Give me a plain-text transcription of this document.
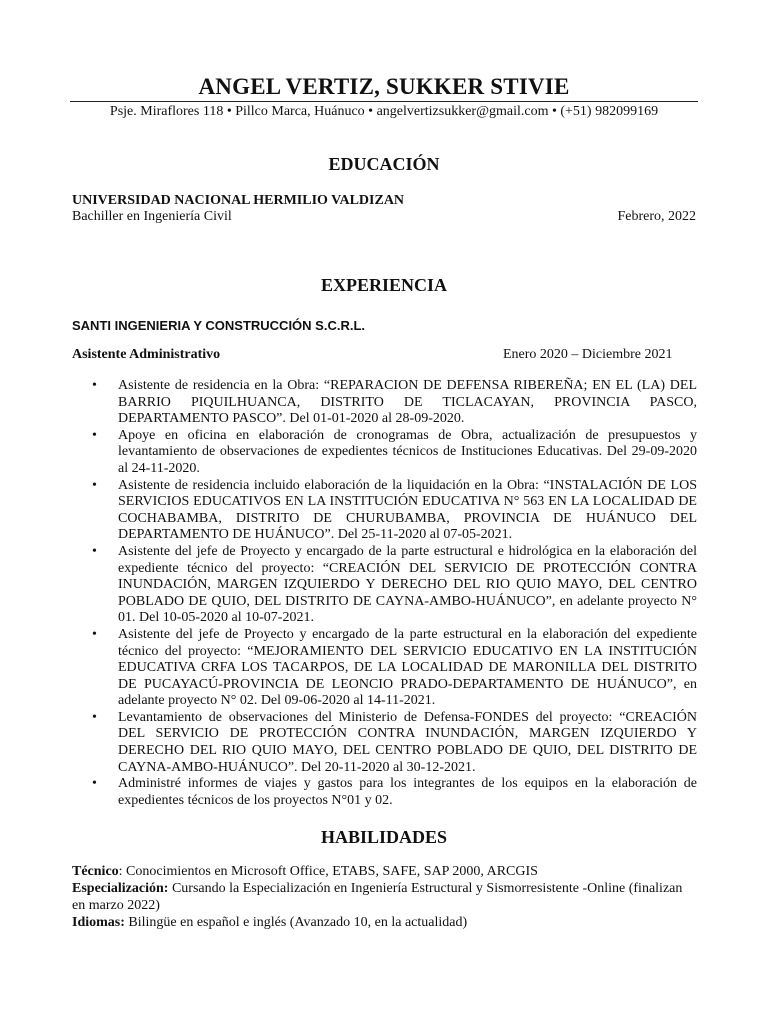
ANGEL VERTIZ, SUKKER STIVIE
Psje. Miraflores 118 • Pillco Marca, Huánuco • angelvertizsukker@gmail.com • (+51) 982099169
EDUCACIÓN
UNIVERSIDAD NACIONAL HERMILIO VALDIZAN
Bachiller en Ingeniería Civil	Febrero, 2022
EXPERIENCIA
SANTI INGENIERIA Y CONSTRUCCIÓN S.C.R.L.
Asistente Administrativo	Enero 2020 – Diciembre 2021
• Asistente de residencia en la Obra: “REPARACION DE DEFENSA RIBEREÑA; EN EL (LA) DEL BARRIO PIQUILHUANCA, DISTRITO DE TICLACAYAN, PROVINCIA PASCO, DEPARTAMENTO PASCO”. Del 01-01-2020 al 28-09-2020.
• Apoye en oficina en elaboración de cronogramas de Obra, actualización de presupuestos y levantamiento de observaciones de expedientes técnicos de Instituciones Educativas. Del 29-09-2020 al 24-11-2020.
• Asistente de residencia incluido elaboración de la liquidación en la Obra: “INSTALACIÓN DE LOS SERVICIOS EDUCATIVOS EN LA INSTITUCIÓN EDUCATIVA N° 563 EN LA LOCALIDAD DE COCHABAMBA, DISTRITO DE CHURUBAMBA, PROVINCIA DE HUÁNUCO DEL DEPARTAMENTO DE HUÁNUCO”. Del 25-11-2020 al 07-05-2021.
• Asistente del jefe de Proyecto y encargado de la parte estructural e hidrológica en la elaboración del expediente técnico del proyecto: “CREACIÓN DEL SERVICIO DE PROTECCIÓN CONTRA INUNDACIÓN, MARGEN IZQUIERDO Y DERECHO DEL RIO QUIO MAYO, DEL CENTRO POBLADO DE QUIO, DEL DISTRITO DE CAYNA-AMBO-HUÁNUCO”, en adelante proyecto N° 01. Del 10-05-2020 al 10-07-2021.
• Asistente del jefe de Proyecto y encargado de la parte estructural en la elaboración del expediente técnico del proyecto: “MEJORAMIENTO DEL SERVICIO EDUCATIVO EN LA INSTITUCIÓN EDUCATIVA CRFA LOS TACARPOS, DE LA LOCALIDAD DE MARONILLA DEL DISTRITO DE PUCAYACÚ-PROVINCIA DE LEONCIO PRADO-DEPARTAMENTO DE HUÁNUCO”, en adelante proyecto N° 02. Del 09-06-2020 al 14-11-2021.
• Levantamiento de observaciones del Ministerio de Defensa-FONDES del proyecto: “CREACIÓN DEL SERVICIO DE PROTECCIÓN CONTRA INUNDACIÓN, MARGEN IZQUIERDO Y DERECHO DEL RIO QUIO MAYO, DEL CENTRO POBLADO DE QUIO, DEL DISTRITO DE CAYNA-AMBO-HUÁNUCO”. Del 20-11-2020 al 30-12-2021.
• Administré informes de viajes y gastos para los integrantes de los equipos en la elaboración de expedientes técnicos de los proyectos N°01 y 02.
HABILIDADES

Técnico: Conocimientos en Microsoft Office, ETABS, SAFE, SAP 2000, ARCGIS

Especialización: Cursando la Especialización en Ingeniería Estructural y Sismorresistente -Online (finalizan en marzo 2022)

Idiomas: Bilingüe en español e inglés (Avanzado 10, en la actualidad)
